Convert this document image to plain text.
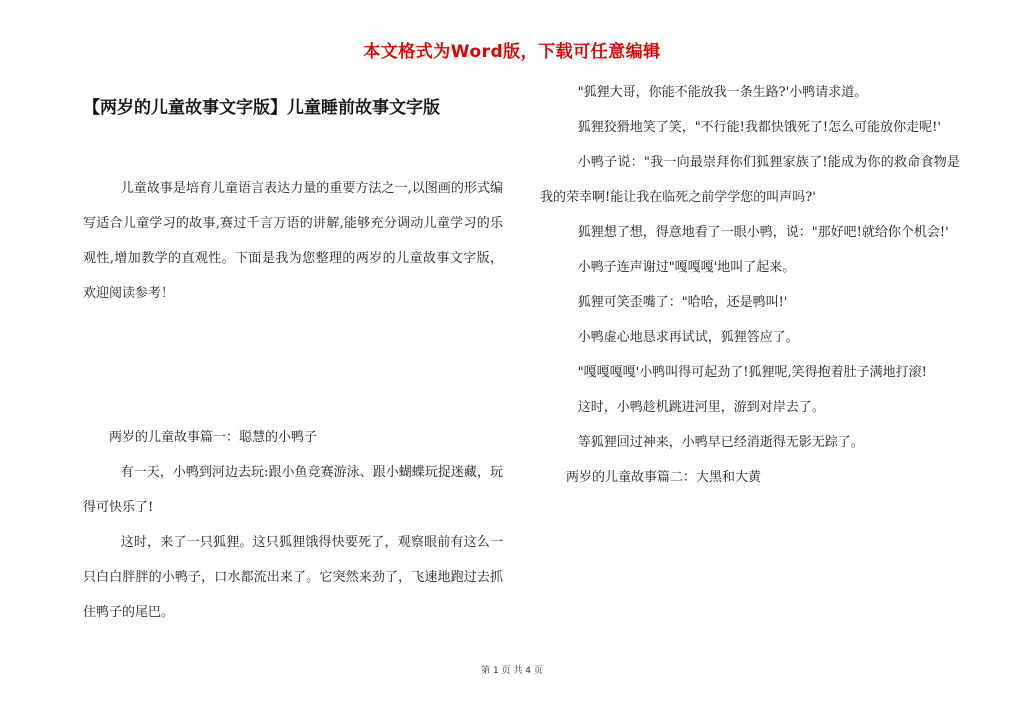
本文格式为Word版，下载可任意编辑
【两岁的儿童故事文字版】儿童睡前故事文字版

儿童故事是培育儿童语言表达力量的重要方法之一,以图画的形式编写适合儿童学习的故事,赛过千言万语的讲解,能够充分调动儿童学习的乐观性,增加教学的直观性。下面是我为您整理的两岁的儿童故事文字版，欢迎阅读参考！

两岁的儿童故事篇一：聪慧的小鸭子

有一天，小鸭到河边去玩:跟小鱼竞赛游泳、跟小蝴蝶玩捉迷藏，玩得可快乐了!

这时，来了一只狐狸。这只狐狸饿得快要死了，观察眼前有这么一只白白胖胖的小鸭子，口水都流出来了。它突然来劲了，飞速地跑过去抓住鸭子的尾巴。

"狐狸大哥，你能不能放我一条生路?'小鸭请求道。

狐狸狡猾地笑了笑，"不行能!我都快饿死了!怎么可能放你走呢!'

小鸭子说："我一向最崇拜你们狐狸家族了!能成为你的救命食物是我的荣幸啊!能让我在临死之前学学您的叫声吗?'

狐狸想了想，得意地看了一眼小鸭，说："那好吧!就给你个机会!'

小鸭子连声谢过"嘎嘎嘎'地叫了起来。

狐狸可笑歪嘴了："哈哈，还是鸭叫!'

小鸭虚心地恳求再试试，狐狸答应了。

"嘎嘎嘎嘎'小鸭叫得可起劲了!狐狸呢,笑得抱着肚子满地打滚!

这时，小鸭趁机跳进河里，游到对岸去了。

等狐狸回过神来，小鸭早已经消逝得无影无踪了。

两岁的儿童故事篇二：大黑和大黄

第 1 页 共 4 页
